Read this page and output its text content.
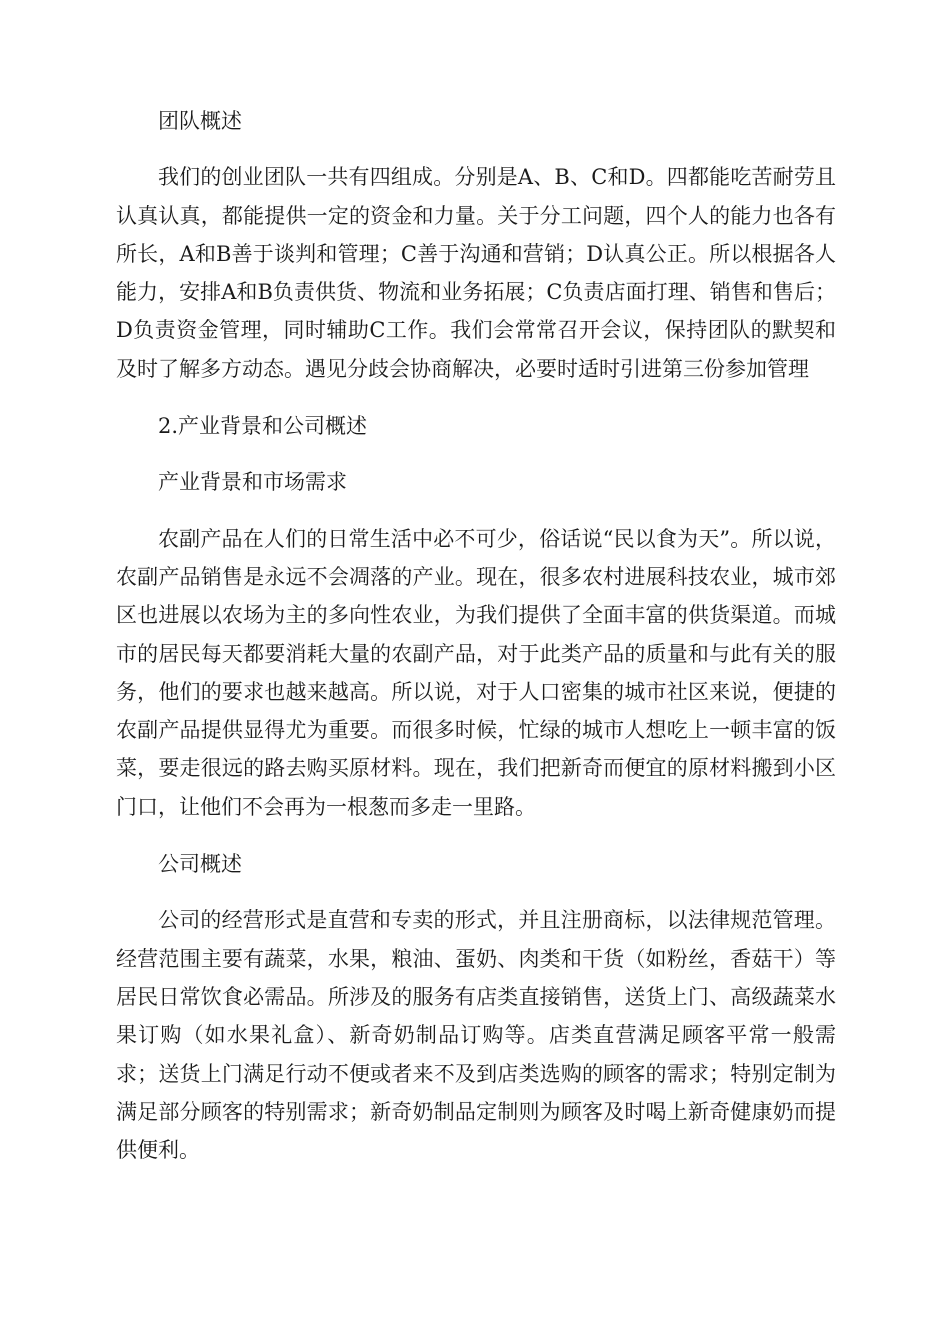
团队概述

我们的创业团队一共有四组成。分别是A、B、C和D。四都能吃苦耐劳且认真认真，都能提供一定的资金和力量。关于分工问题，四个人的能力也各有所长，A和B善于谈判和管理；C善于沟通和营销；D认真公正。所以根据各人能力，安排A和B负责供货、物流和业务拓展；C负责店面打理、销售和售后；D负责资金管理，同时辅助C工作。我们会常常召开会议，保持团队的默契和及时了解多方动态。遇见分歧会协商解决，必要时适时引进第三份参加管理

2.产业背景和公司概述

产业背景和市场需求

农副产品在人们的日常生活中必不可少，俗话说“民以食为天”。所以说，农副产品销售是永远不会凋落的产业。现在，很多农村进展科技农业，城市郊区也进展以农场为主的多向性农业，为我们提供了全面丰富的供货渠道。而城市的居民每天都要消耗大量的农副产品，对于此类产品的质量和与此有关的服务，他们的要求也越来越高。所以说，对于人口密集的城市社区来说，便捷的农副产品提供显得尤为重要。而很多时候，忙绿的城市人想吃上一顿丰富的饭菜，要走很远的路去购买原材料。现在，我们把新奇而便宜的原材料搬到小区门口，让他们不会再为一根葱而多走一里路。

公司概述

公司的经营形式是直营和专卖的形式，并且注册商标，以法律规范管理。经营范围主要有蔬菜，水果，粮油、蛋奶、肉类和干货（如粉丝，香菇干）等居民日常饮食必需品。所涉及的服务有店类直接销售，送货上门、高级蔬菜水果订购（如水果礼盒）、新奇奶制品订购等。店类直营满足顾客平常一般需求；送货上门满足行动不便或者来不及到店类选购的顾客的需求；特别定制为满足部分顾客的特别需求；新奇奶制品定制则为顾客及时喝上新奇健康奶而提供便利。
